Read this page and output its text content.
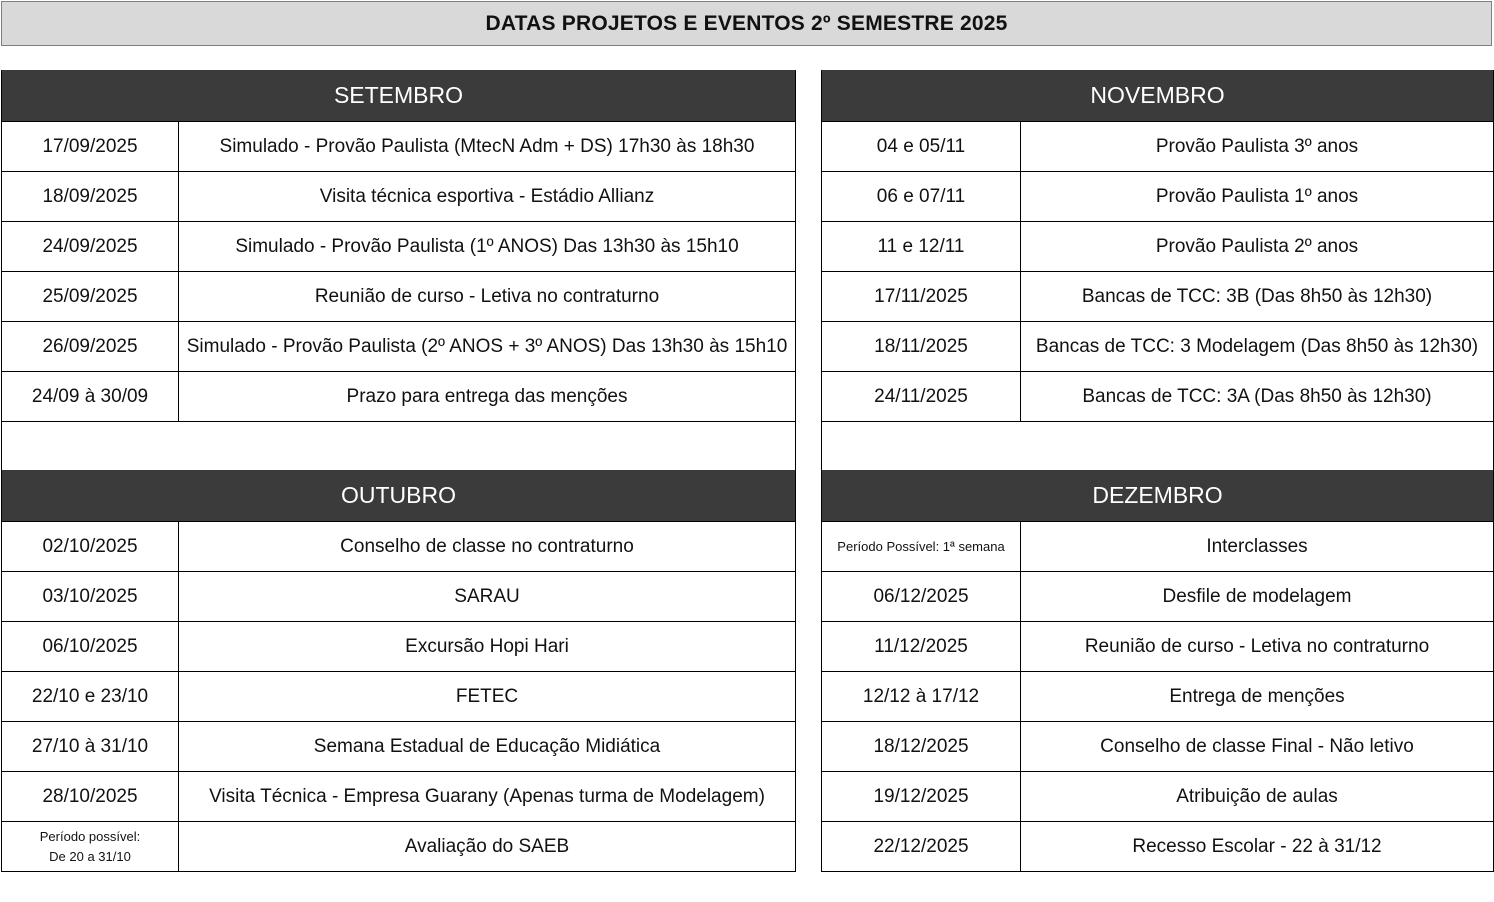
DATAS PROJETOS E EVENTOS 2º SEMESTRE 2025
SETEMBRO
17/09/2025	Simulado - Provão Paulista (MtecN Adm + DS) 17h30 às 18h30
18/09/2025	Visita técnica esportiva - Estádio Allianz
24/09/2025	Simulado - Provão Paulista (1º ANOS) Das 13h30 às 15h10
25/09/2025	Reunião de curso - Letiva no contraturno
26/09/2025	Simulado - Provão Paulista (2º ANOS + 3º ANOS) Das 13h30 às 15h10
24/09 à 30/09	Prazo para entrega das menções
NOVEMBRO
04 e 05/11	Provão Paulista 3º anos
06 e 07/11	Provão Paulista 1º anos
11 e 12/11	Provão Paulista 2º anos
17/11/2025	Bancas de TCC: 3B (Das 8h50 às 12h30)
18/11/2025	Bancas de TCC: 3 Modelagem (Das 8h50 às 12h30)
24/11/2025	Bancas de TCC: 3A (Das 8h50 às 12h30)
OUTUBRO
02/10/2025	Conselho de classe no contraturno
03/10/2025	SARAU
06/10/2025	Excursão Hopi Hari
22/10 e 23/10	FETEC
27/10 à 31/10	Semana Estadual de Educação Midiática
28/10/2025	Visita Técnica - Empresa Guarany (Apenas turma de Modelagem)
Período possível:
De 20 a 31/10	Avaliação do SAEB
DEZEMBRO
Período Possível: 1ª semana	Interclasses
06/12/2025	Desfile de modelagem
11/12/2025	Reunião de curso - Letiva no contraturno
12/12 à 17/12	Entrega de menções
18/12/2025	Conselho de classe Final - Não letivo
19/12/2025	Atribuição de aulas
22/12/2025	Recesso Escolar - 22 à 31/12
